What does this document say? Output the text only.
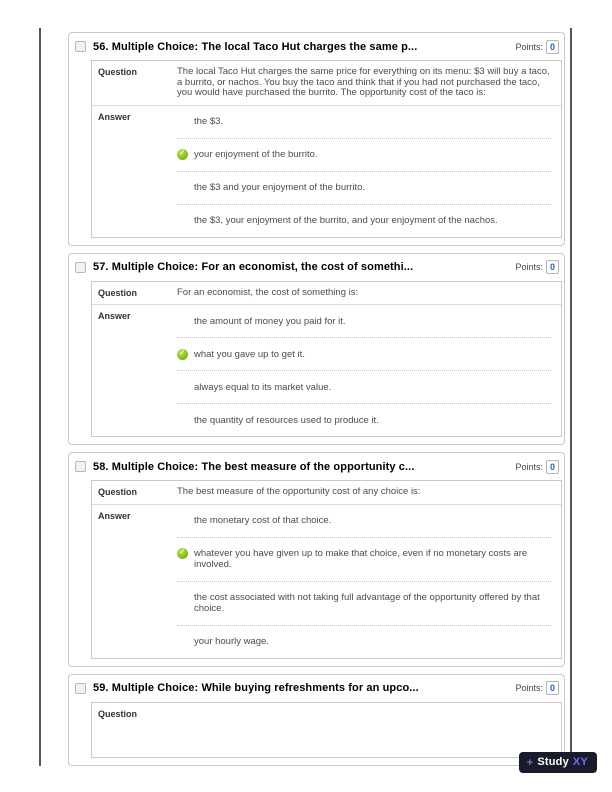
56. Multiple Choice: The local Taco Hut charges the same p...	Points: 0
Question	The local Taco Hut charges the same price for everything on its menu: $3 will buy a taco, a burrito, or nachos. You buy the taco and think that if you had not purchased the taco, you would have purchased the burrito. The opportunity cost of the taco is:
Answer	the $3.
✓
your enjoyment of the burrito.
the $3 and your enjoyment of the burrito.
the $3, your enjoyment of the burrito, and your enjoyment of the nachos.
57. Multiple Choice: For an economist, the cost of somethi...	Points: 0
Question	For an economist, the cost of something is:
Answer	the amount of money you paid for it.
✓
what you gave up to get it.
always equal to its market value.
the quantity of resources used to produce it.
58. Multiple Choice: The best measure of the opportunity c...	Points: 0
Question	The best measure of the opportunity cost of any choice is:
Answer	the monetary cost of that choice.
✓
whatever you have given up to make that choice, even if no monetary costs are involved.
the cost associated with not taking full advantage of the opportunity offered by that choice.
your hourly wage.
59. Multiple Choice: While buying refreshments for an upco...	Points: 0
Question
+
Study XY
